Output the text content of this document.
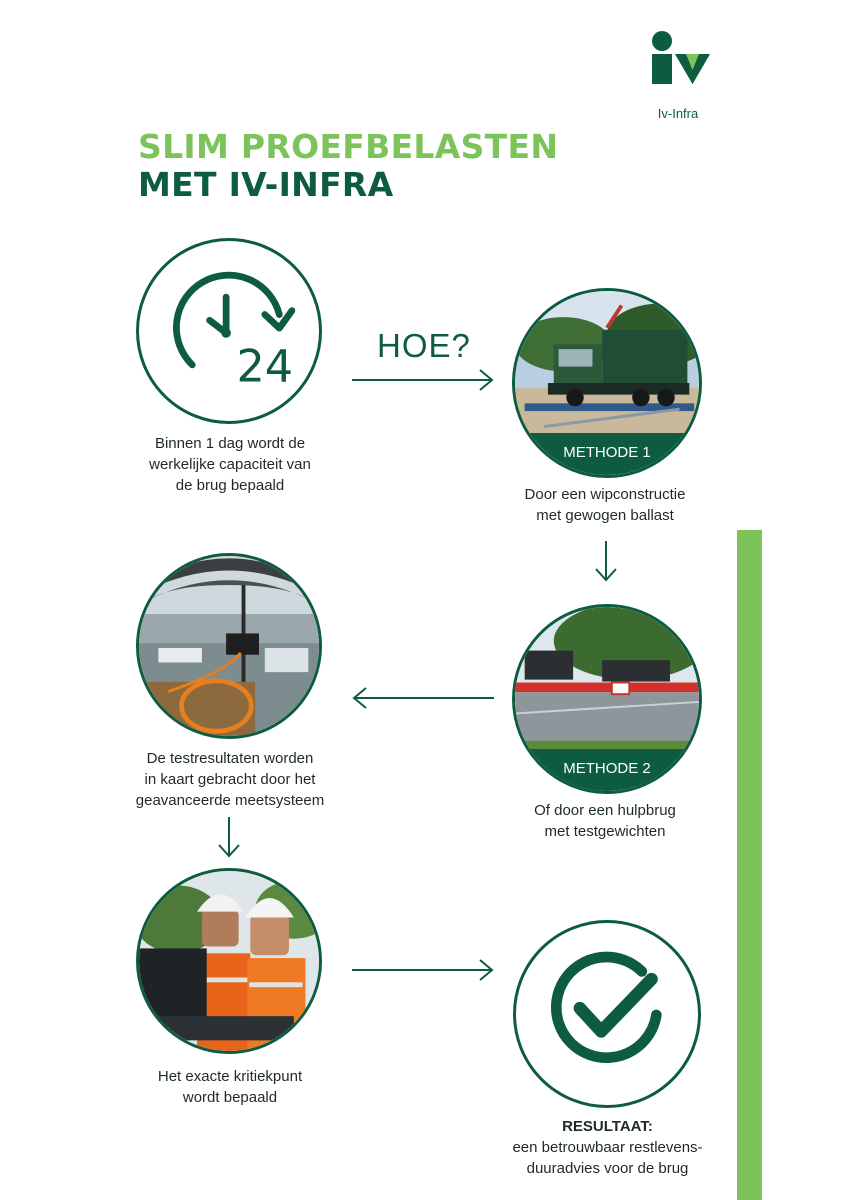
Iv-Infra
SLIM PROEFBELASTEN
MET IV-INFRA
24
Binnen 1 dag wordt de
werkelijke capaciteit van
de brug bepaald
HOE?
METHODE 1
Door een wipconstructie
met gewogen ballast
METHODE 2
Of door een hulpbrug
met testgewichten
De testresultaten worden
in kaart gebracht door het
geavanceerde meetsysteem
Het exacte kritiekpunt
wordt bepaald
RESULTAAT:
een betrouwbaar restlevens-
duuradvies voor de brug
